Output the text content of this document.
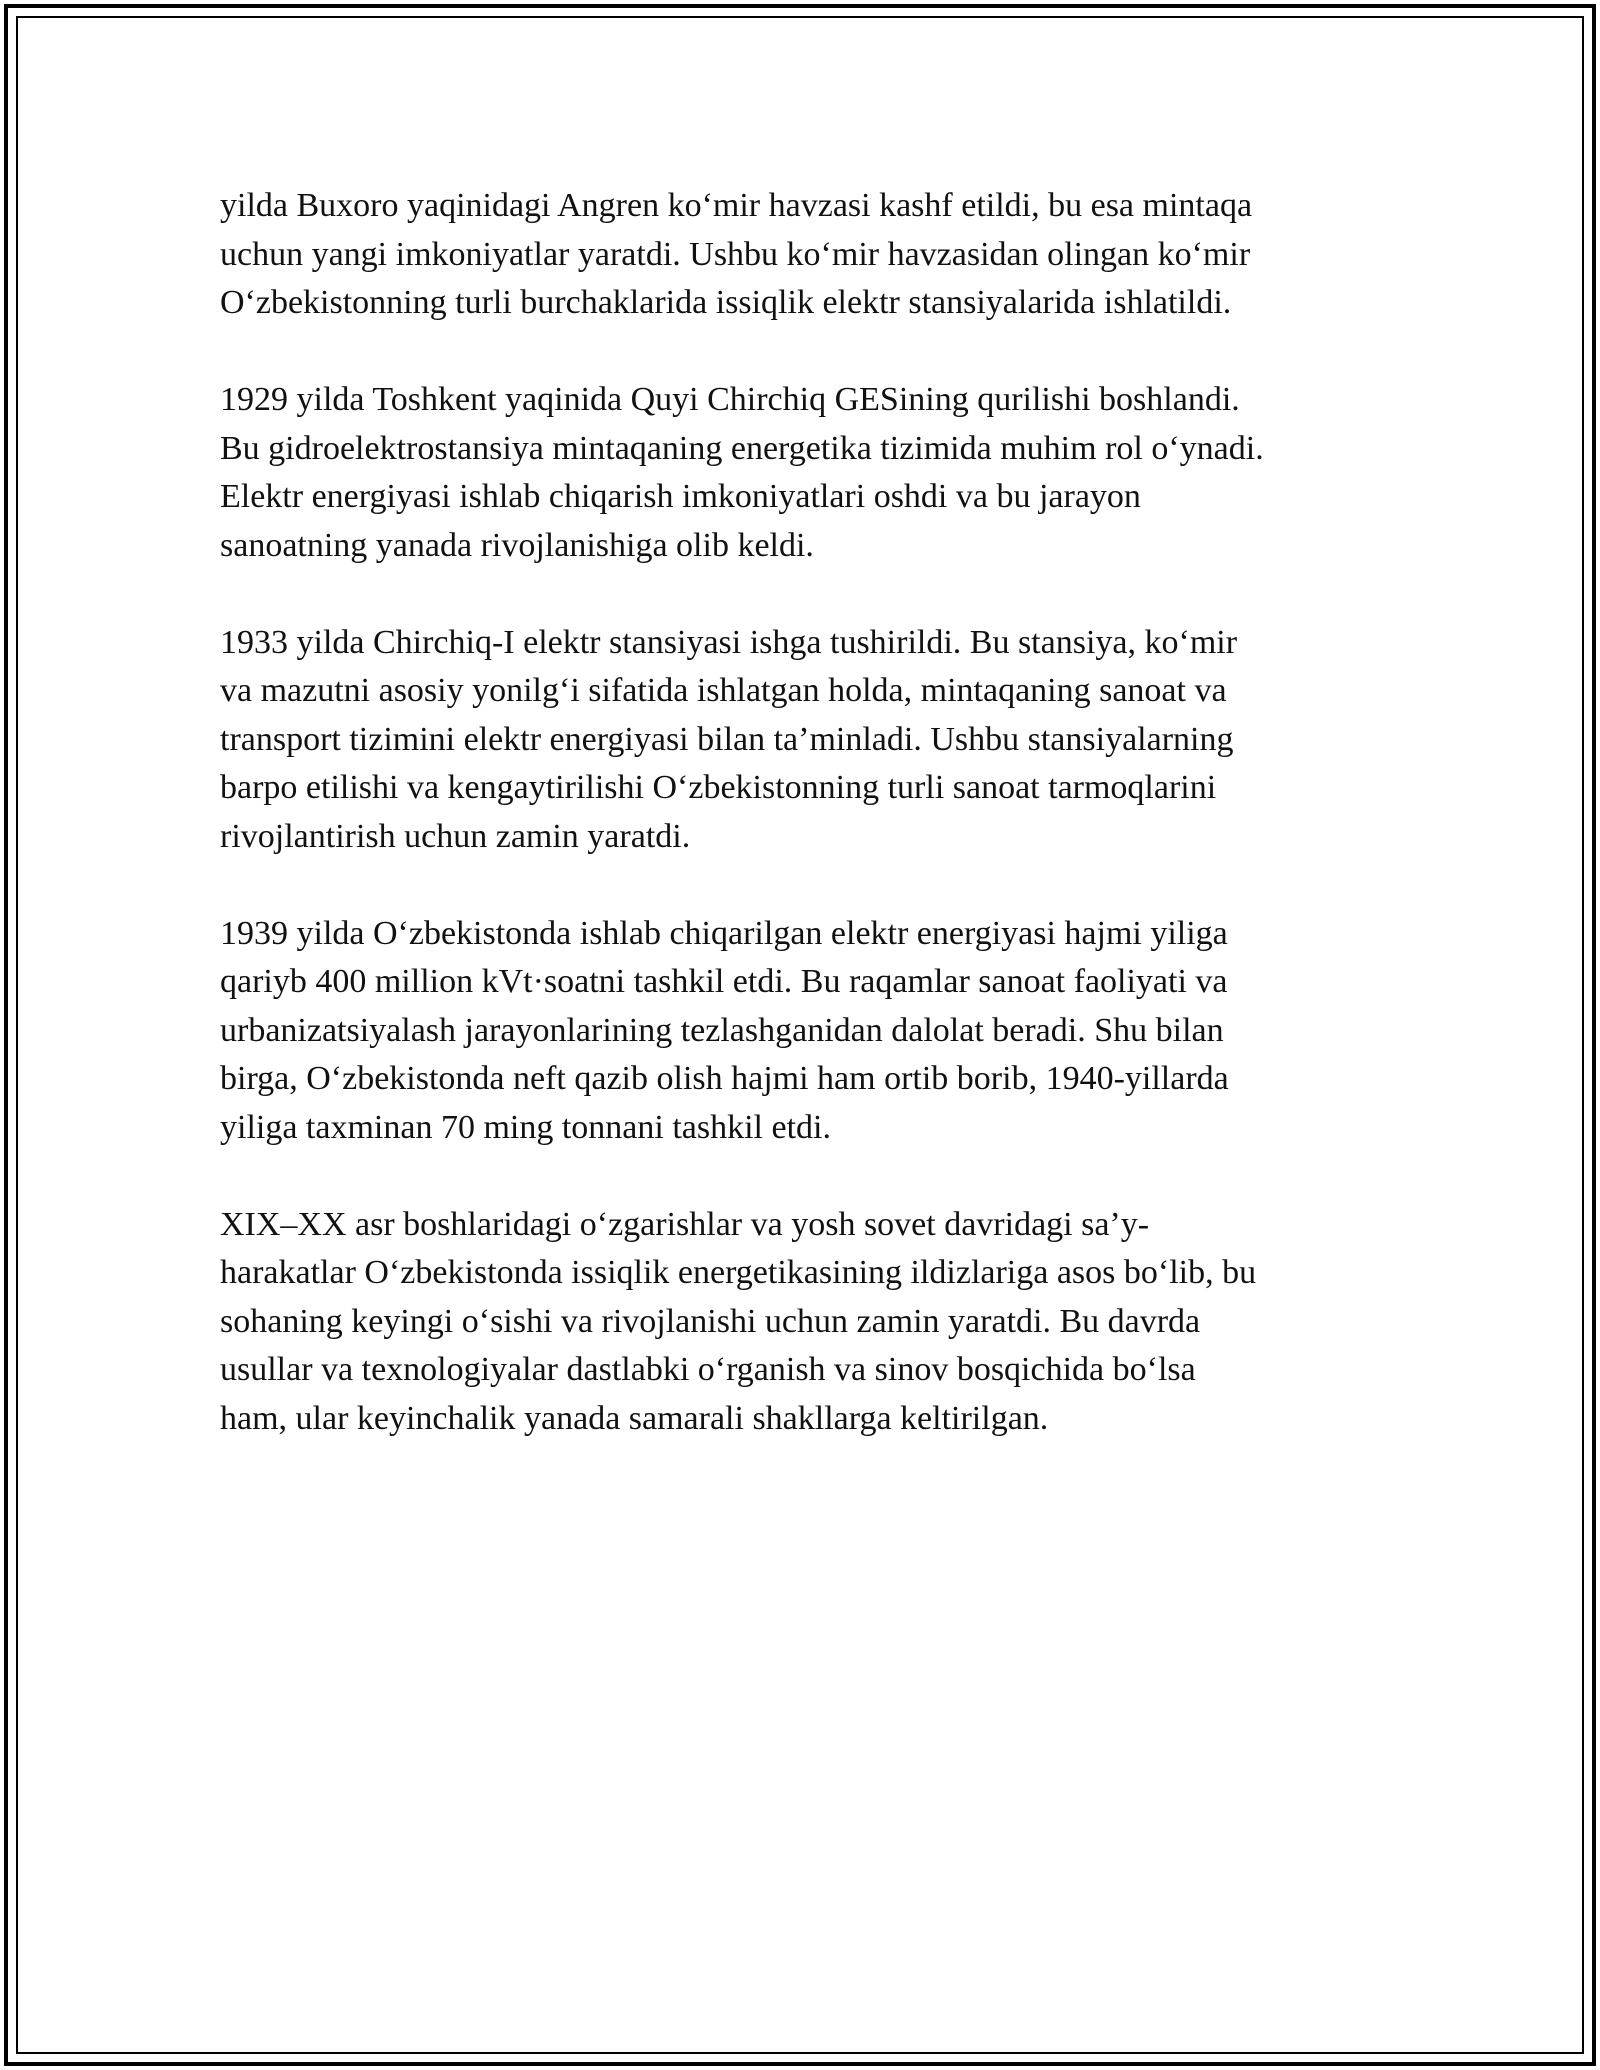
yilda Buxoro yaqinidagi Angren ko‘mir havzasi kashf etildi, bu esa mintaqa
uchun yangi imkoniyatlar yaratdi. Ushbu ko‘mir havzasidan olingan ko‘mir
O‘zbekistonning turli burchaklarida issiqlik elektr stansiyalarida ishlatildi.

1929 yilda Toshkent yaqinida Quyi Chirchiq GESining qurilishi boshlandi.
Bu gidroelektrostansiya mintaqaning energetika tizimida muhim rol o‘ynadi.
Elektr energiyasi ishlab chiqarish imkoniyatlari oshdi va bu jarayon
sanoatning yanada rivojlanishiga olib keldi.

1933 yilda Chirchiq-I elektr stansiyasi ishga tushirildi. Bu stansiya, ko‘mir
va mazutni asosiy yonilg‘i sifatida ishlatgan holda, mintaqaning sanoat va
transport tizimini elektr energiyasi bilan ta’minladi. Ushbu stansiyalarning
barpo etilishi va kengaytirilishi O‘zbekistonning turli sanoat tarmoqlarini
rivojlantirish uchun zamin yaratdi.

1939 yilda O‘zbekistonda ishlab chiqarilgan elektr energiyasi hajmi yiliga
qariyb 400 million kVt·soatni tashkil etdi. Bu raqamlar sanoat faoliyati va
urbanizatsiyalash jarayonlarining tezlashganidan dalolat beradi. Shu bilan
birga, O‘zbekistonda neft qazib olish hajmi ham ortib borib, 1940-yillarda
yiliga taxminan 70 ming tonnani tashkil etdi.

XIX–XX asr boshlaridagi o‘zgarishlar va yosh sovet davridagi sa’y-
harakatlar O‘zbekistonda issiqlik energetikasining ildizlariga asos bo‘lib, bu
sohaning keyingi o‘sishi va rivojlanishi uchun zamin yaratdi. Bu davrda
usullar va texnologiyalar dastlabki o‘rganish va sinov bosqichida bo‘lsa
ham, ular keyinchalik yanada samarali shakllarga keltirilgan.
